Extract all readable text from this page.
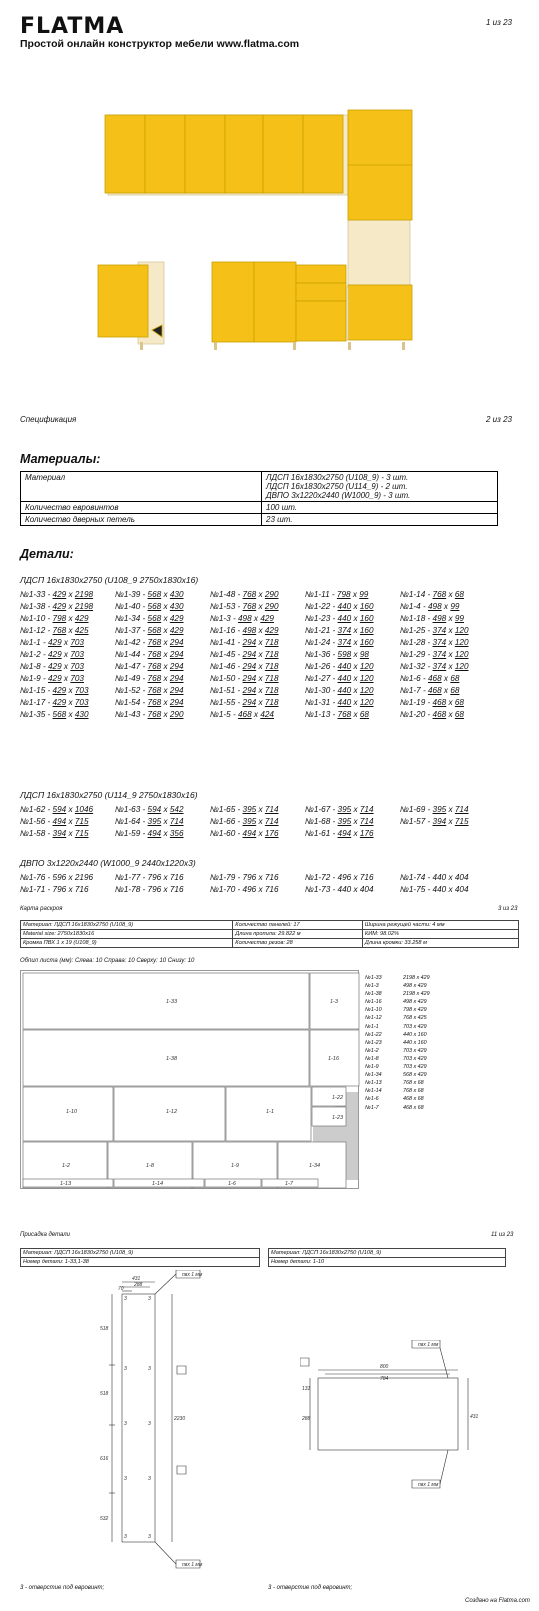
FLATMA
Простой онлайн конструктор мебели www.flatma.com
1 из 23
Спецификация	2 из 23
Материалы:
Материал	ЛДСП 16x1830x2750 (U108_9) - 3 шт.
ЛДСП 16x1830x2750 (U114_9) - 2 шт.
ДВПО 3x1220x2440 (W1000_9) - 3 шт.

Количество евровинтов	100 шт.
Количество дверных петель	23 шт.
Детали:
ЛДСП 16x1830x2750 (U108_9 2750x1830x16)
№1-33 - 429 x 2198	№1-39 - 568 x 430	№1-48 - 768 x 290	№1-11 - 798 x 99	№1-14 - 768 x 68
№1-38 - 429 x 2198	№1-40 - 568 x 430	№1-53 - 768 x 290	№1-22 - 440 x 160	№1-4 - 498 x 99
№1-10 - 798 x 429	№1-34 - 568 x 429	№1-3 - 498 x 429	№1-23 - 440 x 160	№1-18 - 498 x 99
№1-12 - 768 x 425	№1-37 - 568 x 429	№1-16 - 498 x 429	№1-21 - 374 x 160	№1-25 - 374 x 120
№1-1 - 429 x 703	№1-42 - 768 x 294	№1-41 - 294 x 718	№1-24 - 374 x 160	№1-28 - 374 x 120
№1-2 - 429 x 703	№1-44 - 768 x 294	№1-45 - 294 x 718	№1-36 - 598 x 98	№1-29 - 374 x 120
№1-8 - 429 x 703	№1-47 - 768 x 294	№1-46 - 294 x 718	№1-26 - 440 x 120	№1-32 - 374 x 120
№1-9 - 429 x 703	№1-49 - 768 x 294	№1-50 - 294 x 718	№1-27 - 440 x 120	№1-6 - 468 x 68
№1-15 - 429 x 703	№1-52 - 768 x 294	№1-51 - 294 x 718	№1-30 - 440 x 120	№1-7 - 468 x 68
№1-17 - 429 x 703	№1-54 - 768 x 294	№1-55 - 294 x 718	№1-31 - 440 x 120	№1-19 - 468 x 68
№1-35 - 568 x 430	№1-43 - 768 x 290	№1-5 - 468 x 424	№1-13 - 768 x 68	№1-20 - 468 x 68
ЛДСП 16x1830x2750 (U114_9 2750x1830x16)
№1-62 - 594 x 1046	№1-63 - 594 x 542	№1-65 - 395 x 714	№1-67 - 395 x 714	№1-69 - 395 x 714
№1-56 - 494 x 715	№1-64 - 395 x 714	№1-66 - 395 x 714	№1-68 - 395 x 714	№1-57 - 394 x 715
№1-58 - 394 x 715	№1-59 - 494 x 356	№1-60 - 494 x 176	№1-61 - 494 x 176
ДВПО 3x1220x2440 (W1000_9 2440x1220x3)
№1-76 - 596 x 2196	№1-77 - 796 x 716	№1-79 - 796 x 716	№1-72 - 496 x 716	№1-74 - 440 x 404
№1-71 - 796 x 716	№1-78 - 796 x 716	№1-70 - 496 x 716	№1-73 - 440 x 404	№1-75 - 440 x 404
Карта раскроя	3 из 23
Материал: ЛДСП 16x1830x2750 (U108_9)	Количество панелей: 17	Ширина режущей части: 4 мм
Material size: 2750x1830x16	Длина пропила: 29.822 м	КИМ: 98.02%
Кромка ПВХ 1 x 19 (U108_9)	Количество резов: 28	Длина кромки: 33.258 м
Обпил листа (мм): Слева: 10 Справа: 10 Сверху: 10 Снизу: 10
1-33	1-3
1-38	1-16
1-10	1-12	1-1
1-22
1-23
1-2	1-8	1-9	1-34
1-13	1-14	1-6	1-7
№1-33	2198 x 429
№1-3	498 x 429
№1-38	2198 x 429
№1-16	498 x 429
№1-10	798 x 429
№1-12	768 x 425
№1-1	703 x 429
№1-22	440 x 160
№1-23	440 x 160
№1-2	703 x 429
№1-8	703 x 429
№1-9	703 x 429
№1-34	568 x 429
№1-13	768 x 68
№1-14	768 x 68
№1-6	468 x 68
№1-7	468 x 68
Присадка детали	11 из 23
Материал: ЛДСП 16x1830x2750 (U108_9)
Номер детали: 1-33,1-38
Материал: ЛДСП 16x1830x2750 (U108_9)
Номер детали: 1-10
431
288
70
518
518
616
532
2230
пвх 1 мм
пвх 1 мм
3	3
3	3
3	3
3	3
3	3
800
784
131
288	431
пвх 1 мм
пвх 1 мм
3 - отверстие под евровинт;	3 - отверстие под евровинт;
Создано на Flatma.com
